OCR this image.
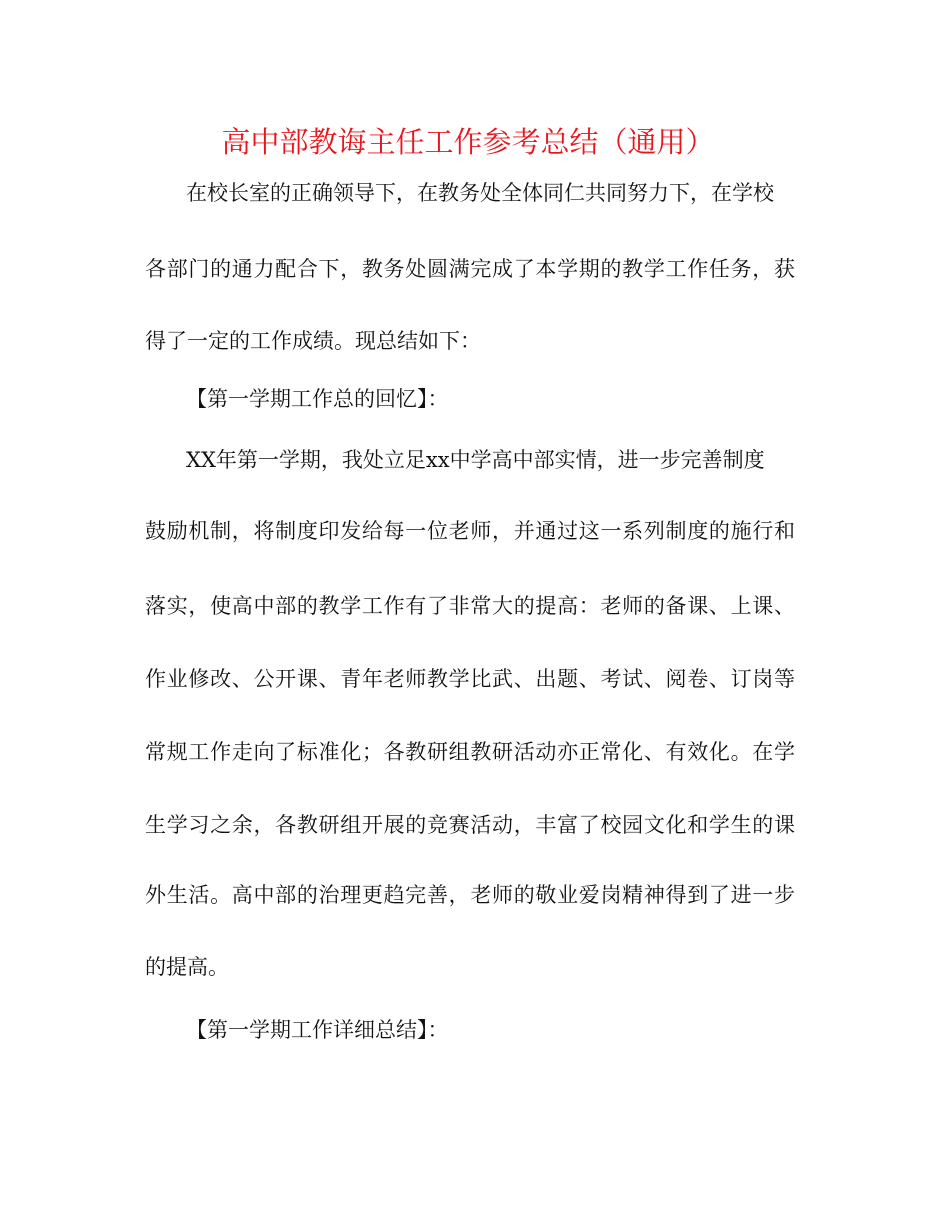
高中部教诲主任工作参考总结（通用）
在校长室的正确领导下，在教务处全体同仁共同努力下，在学校
各部门的通力配合下，教务处圆满完成了本学期的教学工作任务，获
得了一定的工作成绩。现总结如下：
【第一学期工作总的回忆】：
XX年第一学期，我处立足xx中学高中部实情，进一步完善制度
鼓励机制，将制度印发给每一位老师，并通过这一系列制度的施行和
落实，使高中部的教学工作有了非常大的提高：老师的备课、上课、
作业修改、公开课、青年老师教学比武、出题、考试、阅卷、订岗等
常规工作走向了标准化；各教研组教研活动亦正常化、有效化。在学
生学习之余，各教研组开展的竞赛活动，丰富了校园文化和学生的课
外生活。高中部的治理更趋完善，老师的敬业爱岗精神得到了进一步
的提高。
【第一学期工作详细总结】：
